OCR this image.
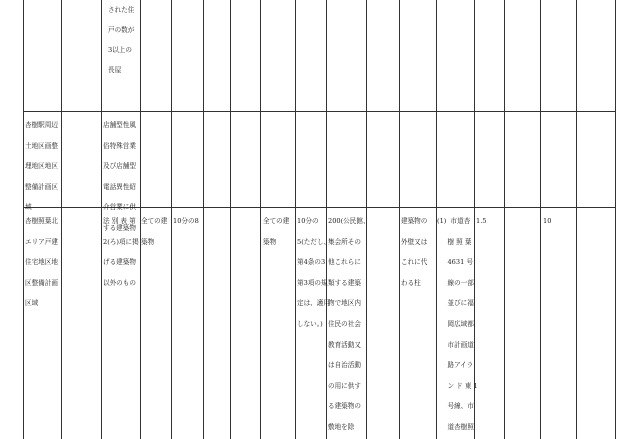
された住
戸の数が
3以上の
長屋
杏樹駅周辺
土地区画整
理地区地区
整備計画区
域
店舗型性風
俗特殊営業
及び店舗型
電話異性紹
介営業に供
する建築物
杏樹照葉北
エリア戸建
住宅地区地
区整備計画
区域
法 別 表 第
2(ろ)項に掲
げる建築物
以外のもの
全ての建
築物
10分の8	全ての建
築物
10分の
5(ただし、
第4条の3
第3項の規
定は、適用
しない。)
200(公民館、
集会所その
他これらに
類する建築
物で地区内
住民の社会
教育活動又
は自治活動
の用に供す
る建築物の
敷地を除
建築物の
外壁又は
これに代
わる柱
(1)  市道杏
樹 照 葉
4631 号
線の一部
並びに福
岡広域都
市計画道
路アイラ
ン ド 東 1
号線、市
道杏樹照
1.5	10
